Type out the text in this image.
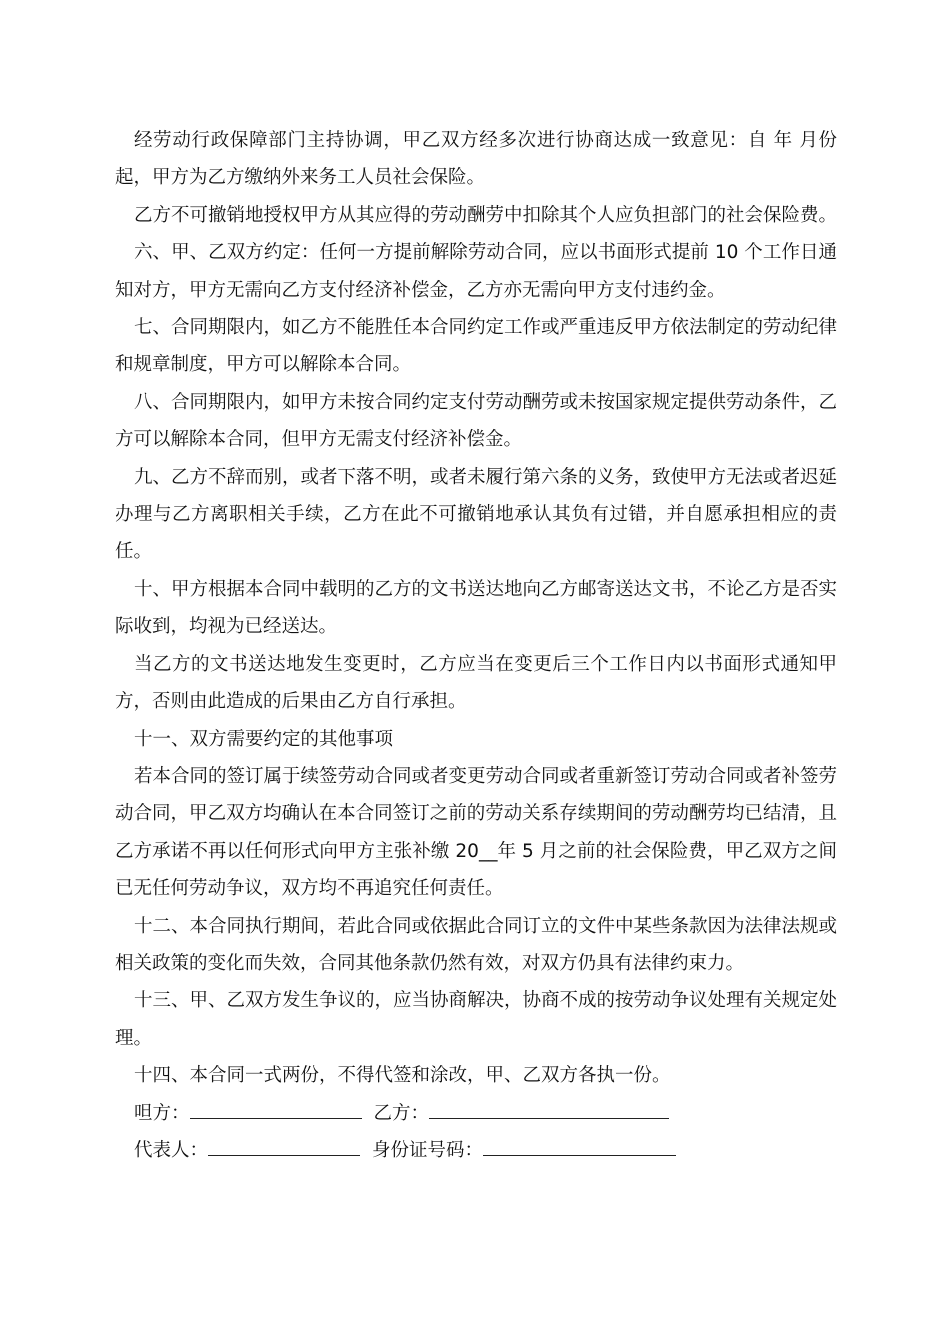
经劳动行政保障部门主持协调，甲乙双方经多次进行协商达成一致意见：自 年 月份起，甲方为乙方缴纳外来务工人员社会保险。

乙方不可撤销地授权甲方从其应得的劳动酬劳中扣除其个人应负担部门的社会保险费。

六、甲、乙双方约定：任何一方提前解除劳动合同，应以书面形式提前 10 个工作日通知对方，甲方无需向乙方支付经济补偿金，乙方亦无需向甲方支付违约金。

七、合同期限内，如乙方不能胜任本合同约定工作或严重违反甲方依法制定的劳动纪律和规章制度，甲方可以解除本合同。

八、合同期限内，如甲方未按合同约定支付劳动酬劳或未按国家规定提供劳动条件，乙方可以解除本合同，但甲方无需支付经济补偿金。

九、乙方不辞而别，或者下落不明，或者未履行第六条的义务，致使甲方无法或者迟延办理与乙方离职相关手续，乙方在此不可撤销地承认其负有过错，并自愿承担相应的责任。

十、甲方根据本合同中载明的乙方的文书送达地向乙方邮寄送达文书，不论乙方是否实际收到，均视为已经送达。

当乙方的文书送达地发生变更时，乙方应当在变更后三个工作日内以书面形式通知甲方，否则由此造成的后果由乙方自行承担。

十一、双方需要约定的其他事项

若本合同的签订属于续签劳动合同或者变更劳动合同或者重新签订劳动合同或者补签劳动合同，甲乙双方均确认在本合同签订之前的劳动关系存续期间的劳动酬劳均已结清，且乙方承诺不再以任何形式向甲方主张补缴 20__年 5 月之前的社会保险费，甲乙双方之间已无任何劳动争议，双方均不再追究任何责任。

十二、本合同执行期间，若此合同或依据此合同订立的文件中某些条款因为法律法规或相关政策的变化而失效，合同其他条款仍然有效，对双方仍具有法律约束力。

十三、甲、乙双方发生争议的，应当协商解决，协商不成的按劳动争议处理有关规定处理。

十四、本合同一式两份，不得代签和涂改，甲、乙双方各执一份。

呾方：	乙方：
代表人：	身份证号码：
